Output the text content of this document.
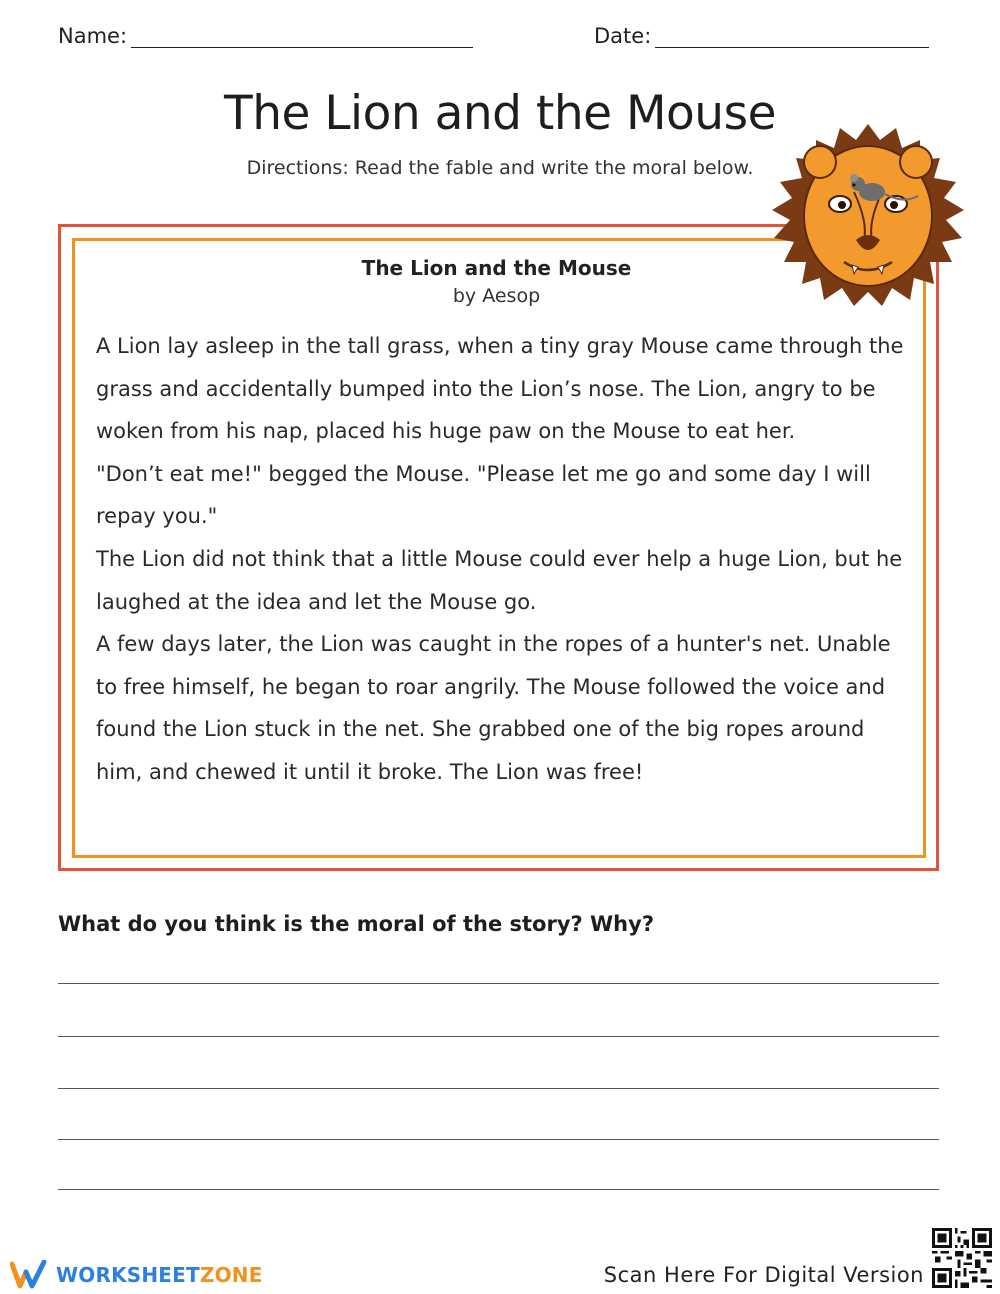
Name:	Date:
The Lion and the Mouse
Directions: Read the fable and write the moral below.
The Lion and the Mouse
by Aesop

A Lion lay asleep in the tall grass, when a tiny gray Mouse came through the grass and accidentally bumped into the Lion’s nose. The Lion, angry to be woken from his nap, placed his huge paw on the Mouse to eat her.

"Don’t eat me!" begged the Mouse. "Please let me go and some day I will repay you."

The Lion did not think that a little Mouse could ever help a huge Lion, but he laughed at the idea and let the Mouse go.

A few days later, the Lion was caught in the ropes of a hunter's net. Unable to free himself, he began to roar angrily. The Mouse followed the voice and found the Lion stuck in the net. She grabbed one of the big ropes around him, and chewed it until it broke. The Lion was free!

What do you think is the moral of the story? Why?
WORKSHEETZONE	Scan Here For Digital Version
